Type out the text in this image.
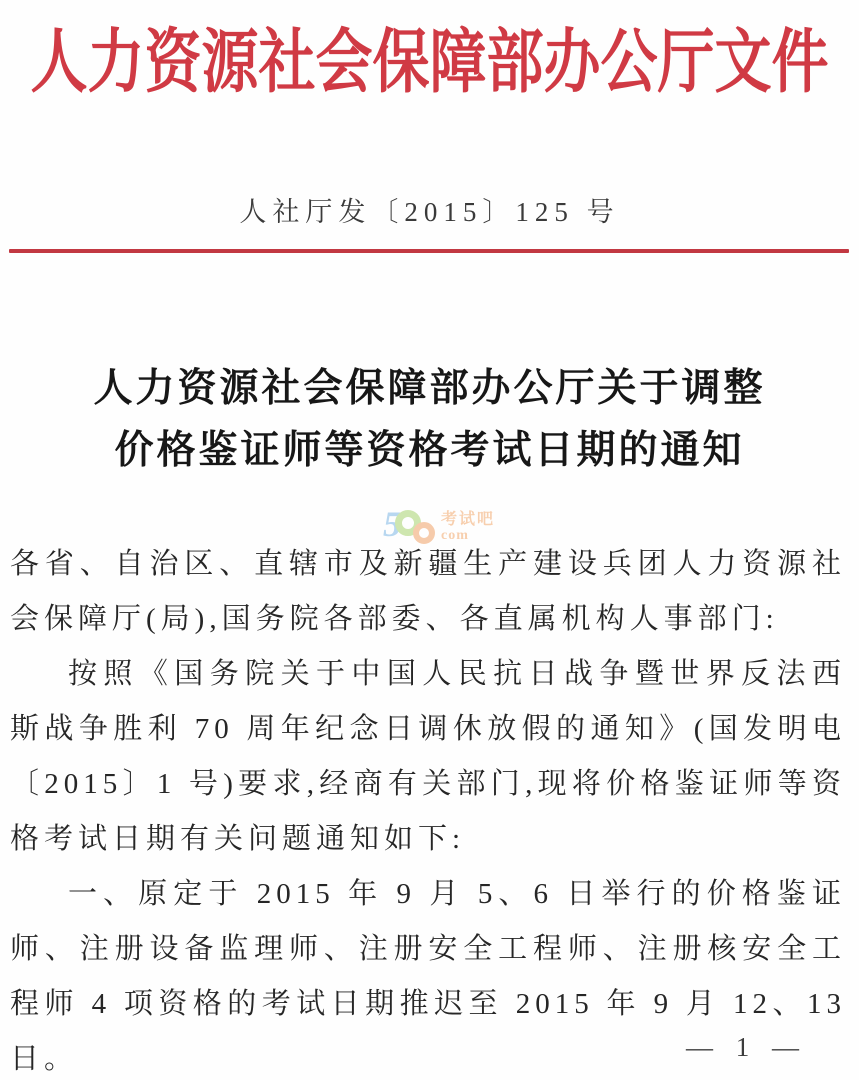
人力资源社会保障部办公厅文件
人社厅发〔2015〕125 号
人力资源社会保障部办公厅关于调整
价格鉴证师等资格考试日期的通知
5	考试吧
com

各省、自治区、直辖市及新疆生产建设兵团人力资源社会保障厅(局),国务院各部委、各直属机构人事部门:

按照《国务院关于中国人民抗日战争暨世界反法西斯战争胜利 70 周年纪念日调休放假的通知》(国发明电〔2015〕1 号)要求,经商有关部门,现将价格鉴证师等资格考试日期有关问题通知如下:

一、原定于 2015 年 9 月 5、6 日举行的价格鉴证师、注册设备监理师、注册安全工程师、注册核安全工程师 4 项资格的考试日期推迟至 2015 年 9 月 12、13 日。	— 1 —
